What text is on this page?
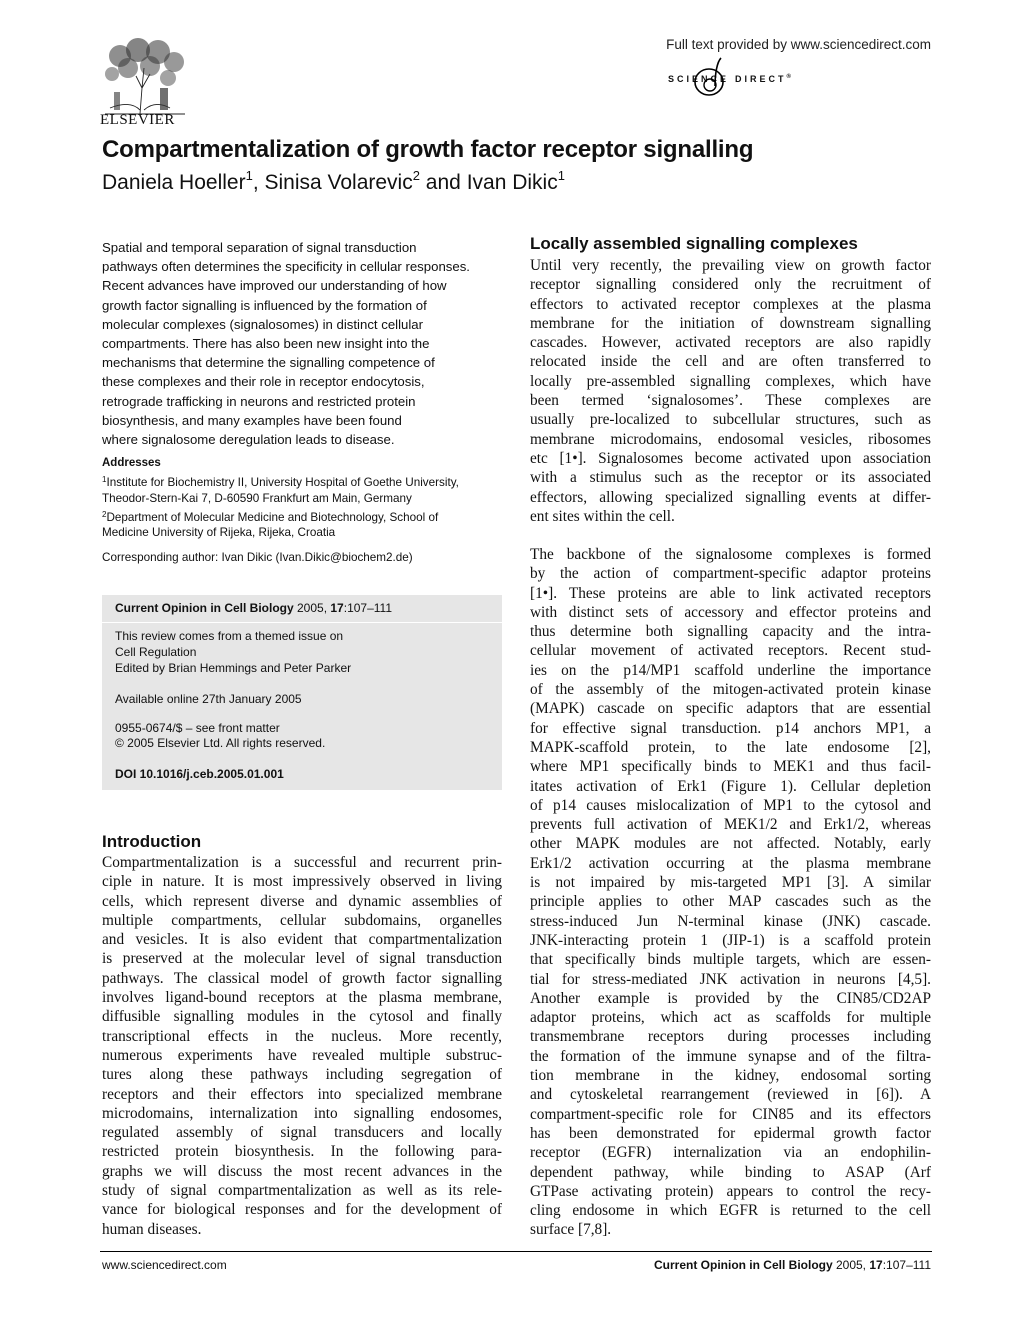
ELSEVIER
Full text provided by www.sciencedirect.com
SCIENCE DIRECT®
Compartmentalization of growth factor receptor signalling
Daniela Hoeller$^1$, Sinisa Volarevic$^2$ and Ivan Dikic$^1$
Spatial and temporal separation of signal transduction
pathways often determines the specificity in cellular responses.
Recent advances have improved our understanding of how
growth factor signalling is influenced by the formation of
molecular complexes (signalosomes) in distinct cellular
compartments. There has also been new insight into the
mechanisms that determine the signalling competence of
these complexes and their role in receptor endocytosis,
retrograde trafficking in neurons and restricted protein
biosynthesis, and many examples have been found
where signalosome deregulation leads to disease.
Addresses
$^1$Institute for Biochemistry II, University Hospital of Goethe University,
Theodor-Stern-Kai 7, D-60590 Frankfurt am Main, Germany
$^2$Department of Molecular Medicine and Biotechnology, School of
Medicine University of Rijeka, Rijeka, Croatia
Corresponding author: Ivan Dikic (Ivan.Dikic@biochem2.de)
Current Opinion in Cell Biology 2005, 17:107–111
This review comes from a themed issue on
Cell Regulation
Edited by Brian Hemmings and Peter Parker
Available online 27th January 2005
0955-0674/$ – see front matter
© 2005 Elsevier Ltd. All rights reserved.
DOI 10.1016/j.ceb.2005.01.001
Introduction
Compartmentalization is a successful and recurrent prin-
ciple in nature. It is most impressively observed in living
cells, which represent diverse and dynamic assemblies of
multiple compartments, cellular subdomains, organelles
and vesicles. It is also evident that compartmentalization
is preserved at the molecular level of signal transduction
pathways. The classical model of growth factor signalling
involves ligand-bound receptors at the plasma membrane,
diffusible signalling modules in the cytosol and finally
transcriptional effects in the nucleus. More recently,
numerous experiments have revealed multiple substruc-
tures along these pathways including segregation of
receptors and their effectors into specialized membrane
microdomains, internalization into signalling endosomes,
regulated assembly of signal transducers and locally
restricted protein biosynthesis. In the following para-
graphs we will discuss the most recent advances in the
study of signal compartmentalization as well as its rele-
vance for biological responses and for the development of
human diseases.
Locally assembled signalling complexes
Until very recently, the prevailing view on growth factor
receptor signalling considered only the recruitment of
effectors to activated receptor complexes at the plasma
membrane for the initiation of downstream signalling
cascades. However, activated receptors are also rapidly
relocated inside the cell and are often transferred to
locally pre-assembled signalling complexes, which have
been termed ‘signalosomes’. These complexes are
usually pre-localized to subcellular structures, such as
membrane microdomains, endosomal vesicles, ribosomes
etc [1•]. Signalosomes become activated upon association
with a stimulus such as the receptor or its associated
effectors, allowing specialized signalling events at differ-
ent sites within the cell.
The backbone of the signalosome complexes is formed
by the action of compartment-specific adaptor proteins
[1•]. These proteins are able to link activated receptors
with distinct sets of accessory and effector proteins and
thus determine both signalling capacity and the intra-
cellular movement of activated receptors. Recent stud-
ies on the p14/MP1 scaffold underline the importance
of the assembly of the mitogen-activated protein kinase
(MAPK) cascade on specific adaptors that are essential
for effective signal transduction. p14 anchors MP1, a
MAPK-scaffold protein, to the late endosome [2],
where MP1 specifically binds to MEK1 and thus facil-
itates activation of Erk1 (Figure 1). Cellular depletion
of p14 causes mislocalization of MP1 to the cytosol and
prevents full activation of MEK1/2 and Erk1/2, whereas
other MAPK modules are not affected. Notably, early
Erk1/2 activation occurring at the plasma membrane
is not impaired by mis-targeted MP1 [3]. A similar
principle applies to other MAP cascades such as the
stress-induced Jun N-terminal kinase (JNK) cascade.
JNK-interacting protein 1 (JIP-1) is a scaffold protein
that specifically binds multiple targets, which are essen-
tial for stress-mediated JNK activation in neurons [4,5].
Another example is provided by the CIN85/CD2AP
adaptor proteins, which act as scaffolds for multiple
transmembrane receptors during processes including
the formation of the immune synapse and of the filtra-
tion membrane in the kidney, endosomal sorting
and cytoskeletal rearrangement (reviewed in [6]). A
compartment-specific role for CIN85 and its effectors
has been demonstrated for epidermal growth factor
receptor (EGFR) internalization via an endophilin-
dependent pathway, while binding to ASAP (Arf
GTPase activating protein) appears to control the recy-
cling endosome in which EGFR is returned to the cell
surface [7,8].
www.sciencedirect.com	Current Opinion in Cell Biology 2005, 17:107–111
